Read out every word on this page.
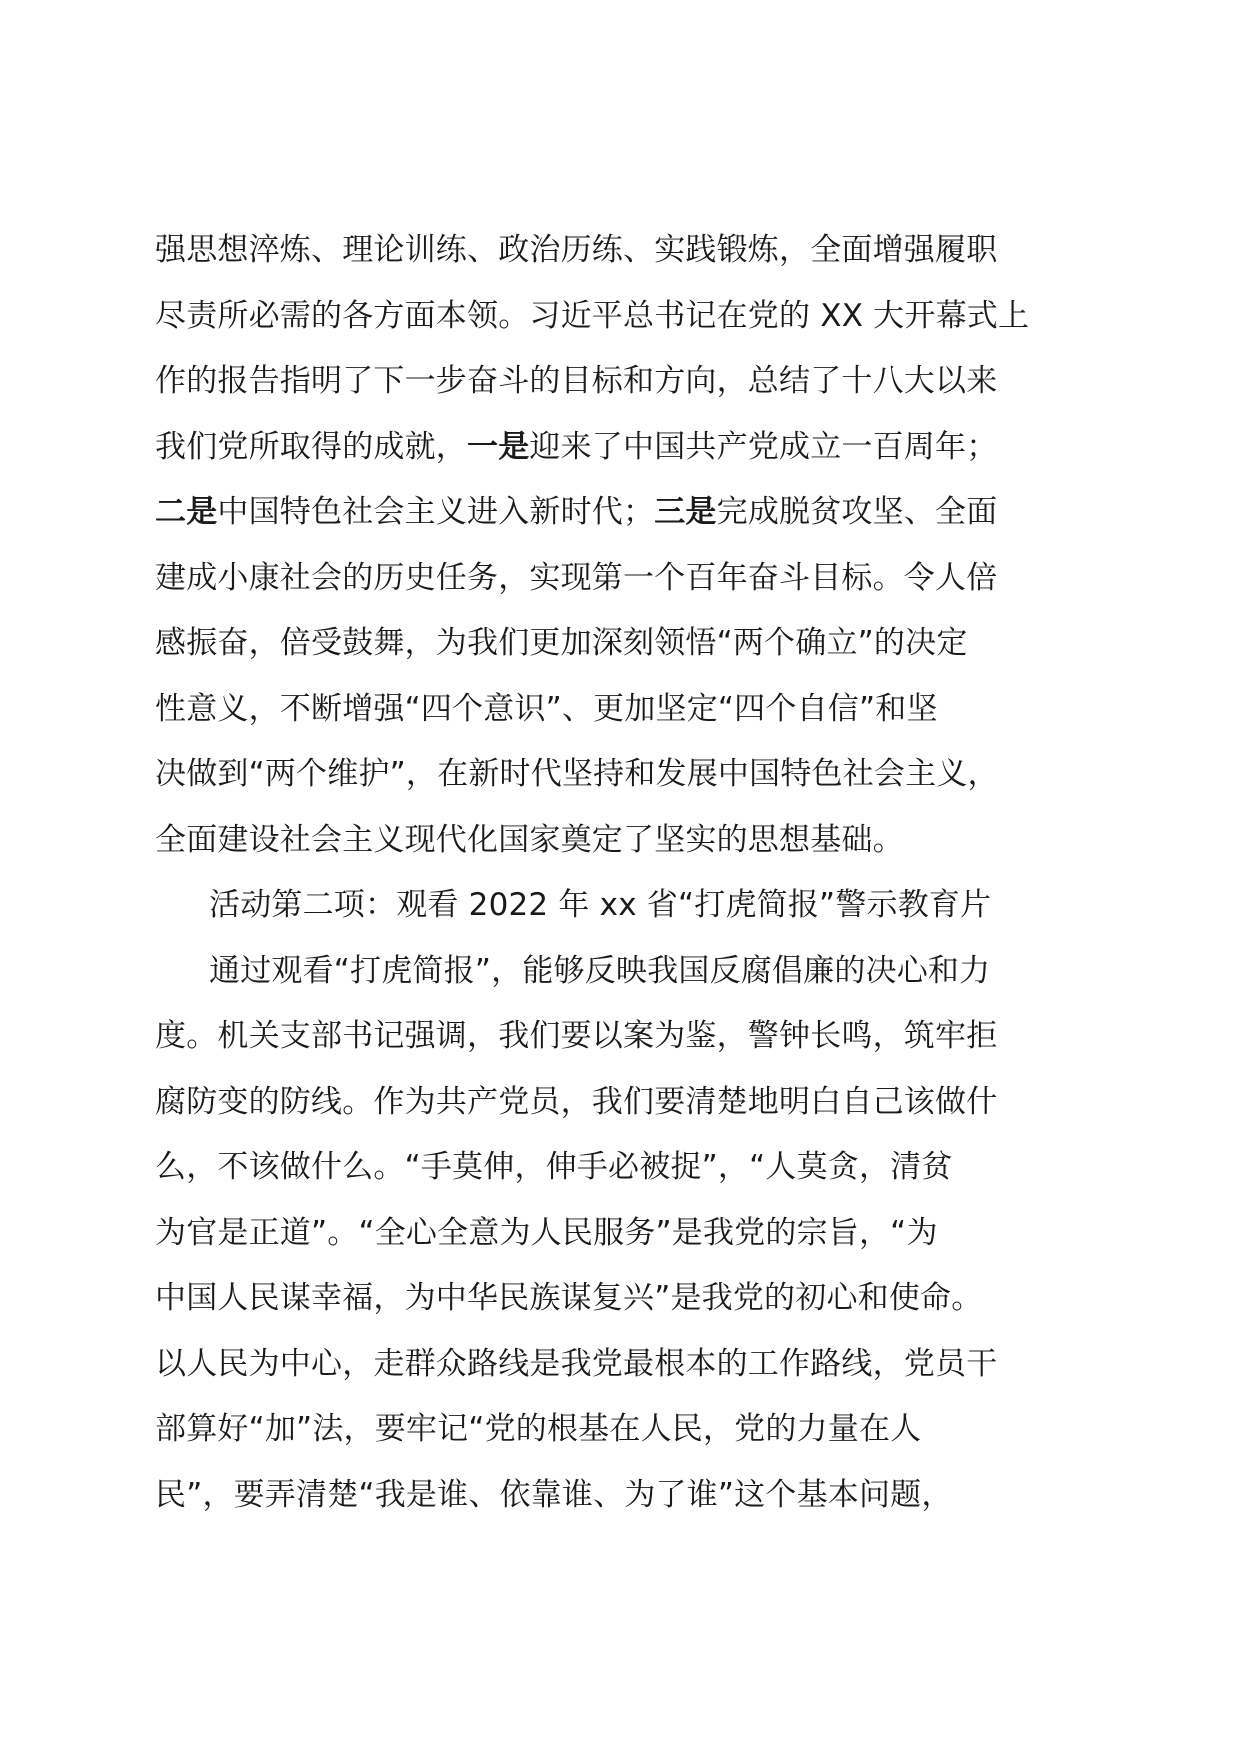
强思想淬炼、理论训练、政治历练、实践锻炼，全面增强履职
尽责所必需的各方面本领。习近平总书记在党的 XX 大开幕式上
作的报告指明了下一步奋斗的目标和方向，总结了十八大以来
我们党所取得的成就，一是迎来了中国共产党成立一百周年；
二是中国特色社会主义进入新时代；三是完成脱贫攻坚、全面
建成小康社会的历史任务，实现第一个百年奋斗目标。令人倍
感振奋，倍受鼓舞，为我们更加深刻领悟“两个确立”的决定
性意义，不断增强“四个意识”、更加坚定“四个自信”和坚
决做到“两个维护”，在新时代坚持和发展中国特色社会主义，
全面建设社会主义现代化国家奠定了坚实的思想基础。
活动第二项：观看 2022 年 xx 省“打虎简报”警示教育片
通过观看“打虎简报”，能够反映我国反腐倡廉的决心和力
度。机关支部书记强调，我们要以案为鉴，警钟长鸣，筑牢拒
腐防变的防线。作为共产党员，我们要清楚地明白自己该做什
么，不该做什么。“手莫伸，伸手必被捉”，“人莫贪，清贫
为官是正道”。“全心全意为人民服务”是我党的宗旨，“为
中国人民谋幸福，为中华民族谋复兴”是我党的初心和使命。
以人民为中心，走群众路线是我党最根本的工作路线，党员干
部算好“加”法，要牢记“党的根基在人民，党的力量在人
民”，要弄清楚“我是谁、依靠谁、为了谁”这个基本问题，
